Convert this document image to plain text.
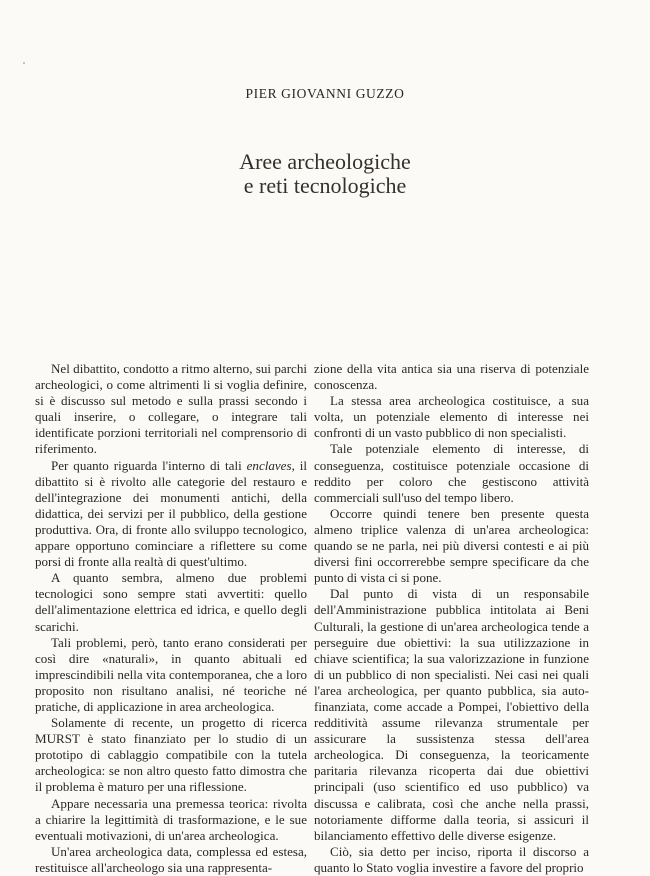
PIER GIOVANNI GUZZO
Aree archeologiche
e reti tecnologiche

Nel dibattito, condotto a ritmo alterno, sui parchi archeologici, o come altrimenti li si voglia definire, si è discusso sul metodo e sulla prassi secondo i quali inserire, o collegare, o integrare tali identificate porzioni territoriali nel comprensorio di riferimento.

Per quanto riguarda l'interno di tali enclaves, il dibattito si è rivolto alle categorie del restauro e dell'integrazione dei monumenti antichi, della didattica, dei servizi per il pubblico, della gestione produttiva. Ora, di fronte allo sviluppo tecnologico, appare opportuno cominciare a riflettere su come porsi di fronte alla realtà di quest'ultimo.

A quanto sembra, almeno due problemi tecnologici sono sempre stati avvertiti: quello dell'alimentazione elettrica ed idrica, e quello degli scarichi.

Tali problemi, però, tanto erano considerati per così dire «naturali», in quanto abituali ed imprescindibili nella vita contemporanea, che a loro proposito non risultano analisi, né teoriche né pratiche, di applicazione in area archeologica.

Solamente di recente, un progetto di ricerca MURST è stato finanziato per lo studio di un prototipo di cablaggio compatibile con la tutela archeologica: se non altro questo fatto dimostra che il problema è maturo per una riflessione.

Appare necessaria una premessa teorica: rivolta a chiarire la legittimità di trasformazione, e le sue eventuali motivazioni, di un'area archeologica.

Un'area archeologica data, complessa ed estesa, restituisce all'archeologo sia una rappresenta-

zione della vita antica sia una riserva di potenziale conoscenza.

La stessa area archeologica costituisce, a sua volta, un potenziale elemento di interesse nei confronti di un vasto pubblico di non specialisti.

Tale potenziale elemento di interesse, di conseguenza, costituisce potenziale occasione di reddito per coloro che gestiscono attività commerciali sull'uso del tempo libero.

Occorre quindi tenere ben presente questa almeno triplice valenza di un'area archeologica: quando se ne parla, nei più diversi contesti e ai più diversi fini occorrerebbe sempre specificare da che punto di vista ci si pone.

Dal punto di vista di un responsabile dell'Amministrazione pubblica intitolata ai Beni Culturali, la gestione di un'area archeologica tende a perseguire due obiettivi: la sua utilizzazione in chiave scientifica; la sua valorizzazione in funzione di un pubblico di non specialisti. Nei casi nei quali l'area archeologica, per quanto pubblica, sia auto-finanziata, come accade a Pompei, l'obiettivo della redditività assume rilevanza strumentale per assicurare la sussistenza stessa dell'area archeologica. Di conseguenza, la teoricamente paritaria rilevanza ricoperta dai due obiettivi principali (uso scientifico ed uso pubblico) va discussa e calibrata, così che anche nella prassi, notoriamente difforme dalla teoria, si assicuri il bilanciamento effettivo delle diverse esigenze.

Ciò, sia detto per inciso, riporta il discorso a quanto lo Stato voglia investire a favore del proprio
